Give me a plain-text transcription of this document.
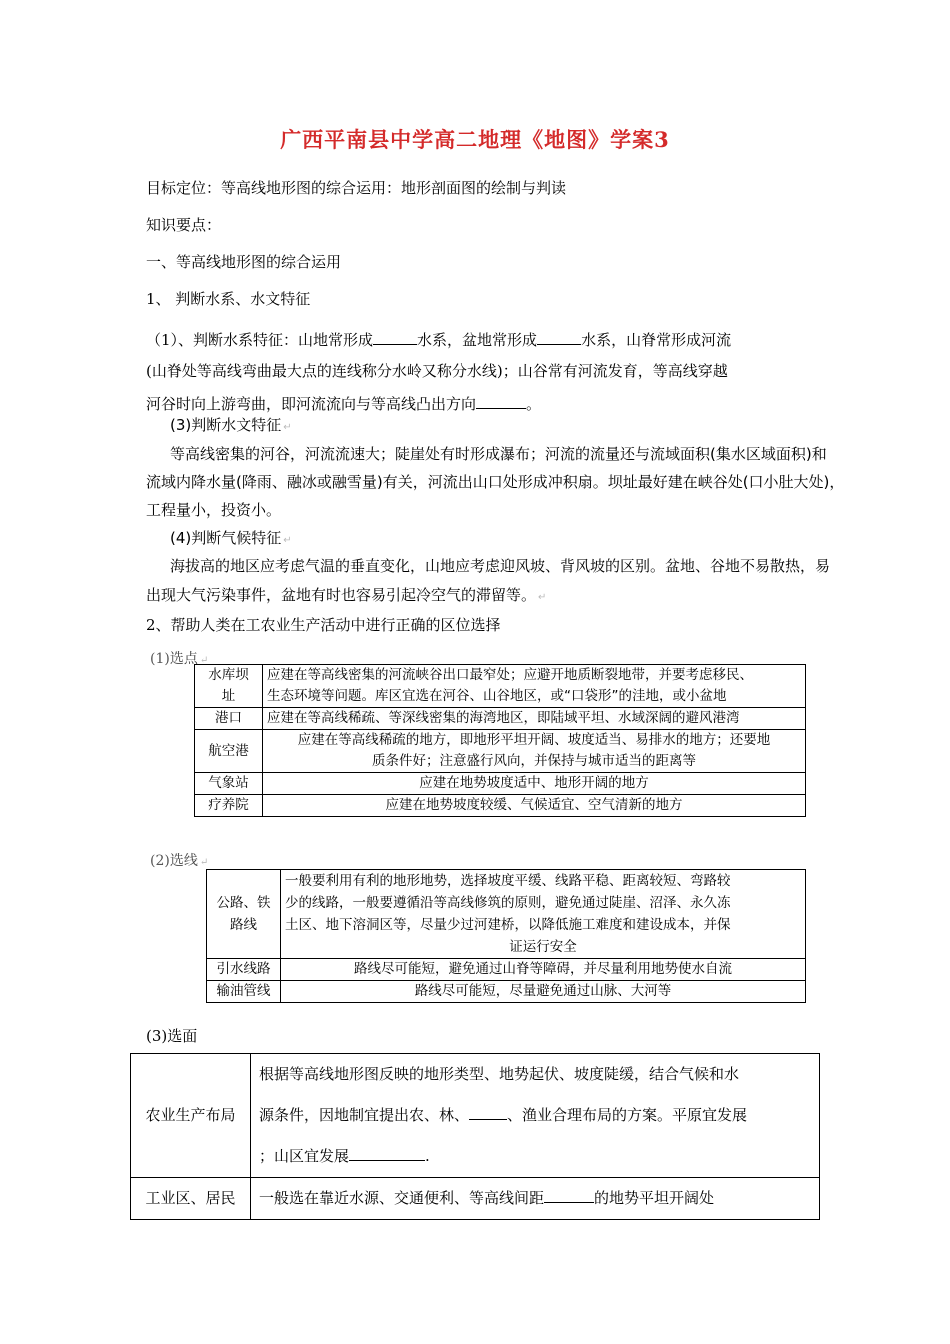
广西平南县中学高二地理《地图》学案3
目标定位：等高线地形图的综合运用：地形剖面图的绘制与判读
知识要点：
一、等高线地形图的综合运用
1、 判断水系、水文特征
（1）、判断水系特征：山地常形成	水系，盆地常形成	水系，山脊常形成河流
(山脊处等高线弯曲最大点的连线称分水岭又称分水线)；山谷常有河流发育，等高线穿越
河谷时向上游弯曲，即河流流向与等高线凸出方向	。
(3)判断水文特征 ↵
等高线密集的河谷，河流流速大；陡崖处有时形成瀑布；河流的流量还与流域面积(集水区域面积)和
流域内降水量(降雨、融冰或融雪量)有关，河流出山口处形成冲积扇。坝址最好建在峡谷处(口小肚大处)，
工程量小，投资小。
(4)判断气候特征 ↵
海拔高的地区应考虑气温的垂直变化，山地应考虑迎风坡、背风坡的区别。盆地、谷地不易散热，易
出现大气污染事件，盆地有时也容易引起冷空气的滞留等。 ↵
2、帮助人类在工农业生产活动中进行正确的区位选择
(1)选点 ↵
水库坝
址	应建在等高线密集的河流峡谷出口最窄处；应避开地质断裂地带，并要考虑移民、
生态环境等问题。库区宜选在河谷、山谷地区，或“口袋形”的洼地，或小盆地
港口	应建在等高线稀疏、等深线密集的海湾地区，即陆域平坦、水域深阔的避风港湾
航空港	应建在等高线稀疏的地方，即地形平坦开阔、坡度适当、易排水的地方；还要地
质条件好；注意盛行风向，并保持与城市适当的距离等
气象站	应建在地势坡度适中、地形开阔的地方
疗养院	应建在地势坡度较缓、气候适宜、空气清新的地方
(2)选线 ↵
公路、铁
路线	一般要利用有利的地形地势，选择坡度平缓、线路平稳、距离较短、弯路较
少的线路，一般要遵循沿等高线修筑的原则，避免通过陡崖、沼泽、永久冻
土区、地下溶洞区等，尽量少过河建桥，以降低施工难度和建设成本，并保

证运行安全

引水线路	路线尽可能短，避免通过山脊等障碍，并尽量利用地势使水自流
输油管线	路线尽可能短，尽量避免通过山脉、大河等
(3)选面
农业生产布局	根据等高线地形图反映的地形类型、地势起伏、坡度陡缓，结合气候和水
源条件，因地制宜提出农、林、 、渔业合理布局的方案。平原宜发展
；山区宜发展 .

工业区、居民	一般选在靠近水源、交通便利、等高线间距 的地势平坦开阔处
